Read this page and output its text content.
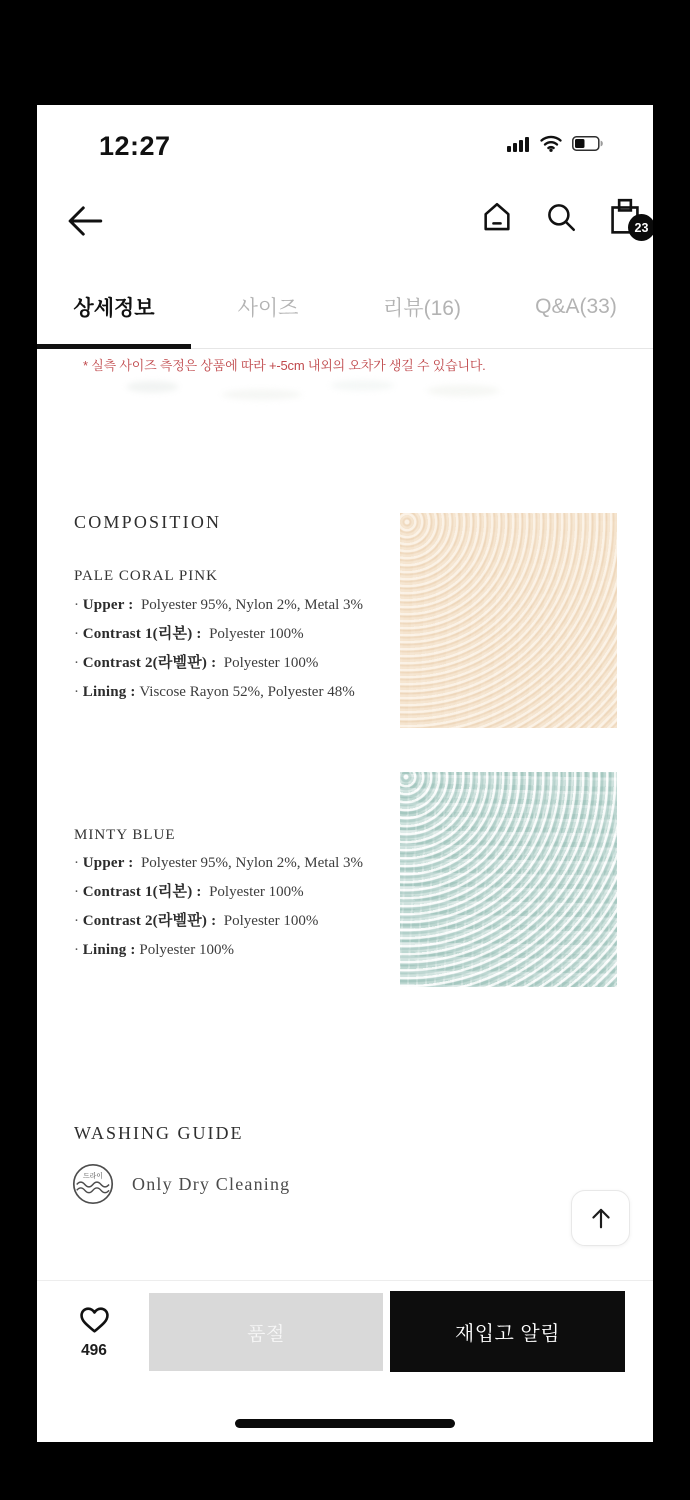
12:27
23
상세정보	사이즈	리뷰(16)	Q&A(33)
* 실측 사이즈 측정은 상품에 따라 +-5cm 내외의 오차가 생길 수 있습니다.
COMPOSITION
PALE CORAL PINK
· Upper : Polyester 95%, Nylon 2%, Metal 3%
· Contrast 1(리본) : Polyester 100%
· Contrast 2(라벨판) : Polyester 100%
· Lining : Viscose Rayon 52%, Polyester 48%
MINTY BLUE
· Upper : Polyester 95%, Nylon 2%, Metal 3%
· Contrast 1(리본) : Polyester 100%
· Contrast 2(라벨판) : Polyester 100%
· Lining : Polyester 100%
WASHING GUIDE
드라이 Only Dry Cleaning
496
품절	재입고 알림
